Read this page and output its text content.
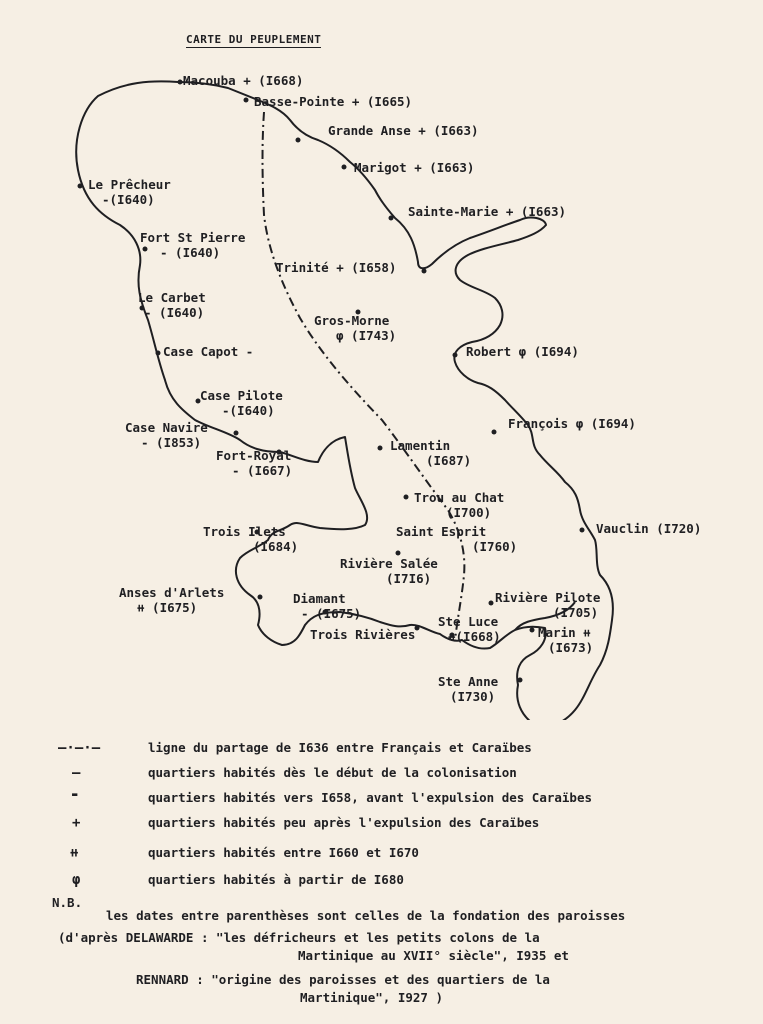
CARTE DU PEUPLEMENT
Macouba + (I668)
Basse-Pointe + (I665)
Grande Anse + (I663)
Marigot + (I663)
Sainte-Marie + (I663)
Le Prêcheur
-(I640)
Fort St Pierre
- (I640)
Trinité + (I658)
Le Carbet
- (I640)
Gros-Morne
φ (I743)
Case Capot -	Robert φ (I694)
Case Pilote
-(I640)
François φ (I694)
Case Navire
- (I853)	Lamentin
(I687)
Fort-Royal
- (I667)
Trou au Chat
(I700)
Vauclin (I720)
Trois Ilets
(I684)
Saint Esprit
(I760)
Rivière Salée
(I7I6)
Anses d'Arlets
⧺ (I675)
Diamant
- (I675)
Rivière Pilote
(I705)
Ste Luce
⧺(I668)
Trois Rivières	Marin ⧺
(I673)
Ste Anne
(I730)
—·—·—	ligne du partage de I636 entre Français et Caraïbes
–	quartiers habités dès le début de la colonisation
▬	quartiers habités vers I658, avant l'expulsion des Caraïbes
+	quartiers habités peu après l'expulsion des Caraïbes
⧺	quartiers habités entre I660 et I670
φ	quartiers habités à partir de I680
N.B.
les dates entre parenthèses sont celles de la fondation des paroisses
(d'après DELAWARDE : "les défricheurs et les petits colons de la
Martinique au XVII° siècle", I935 et
RENNARD : "origine des paroisses et des quartiers de la
Martinique", I927 )
